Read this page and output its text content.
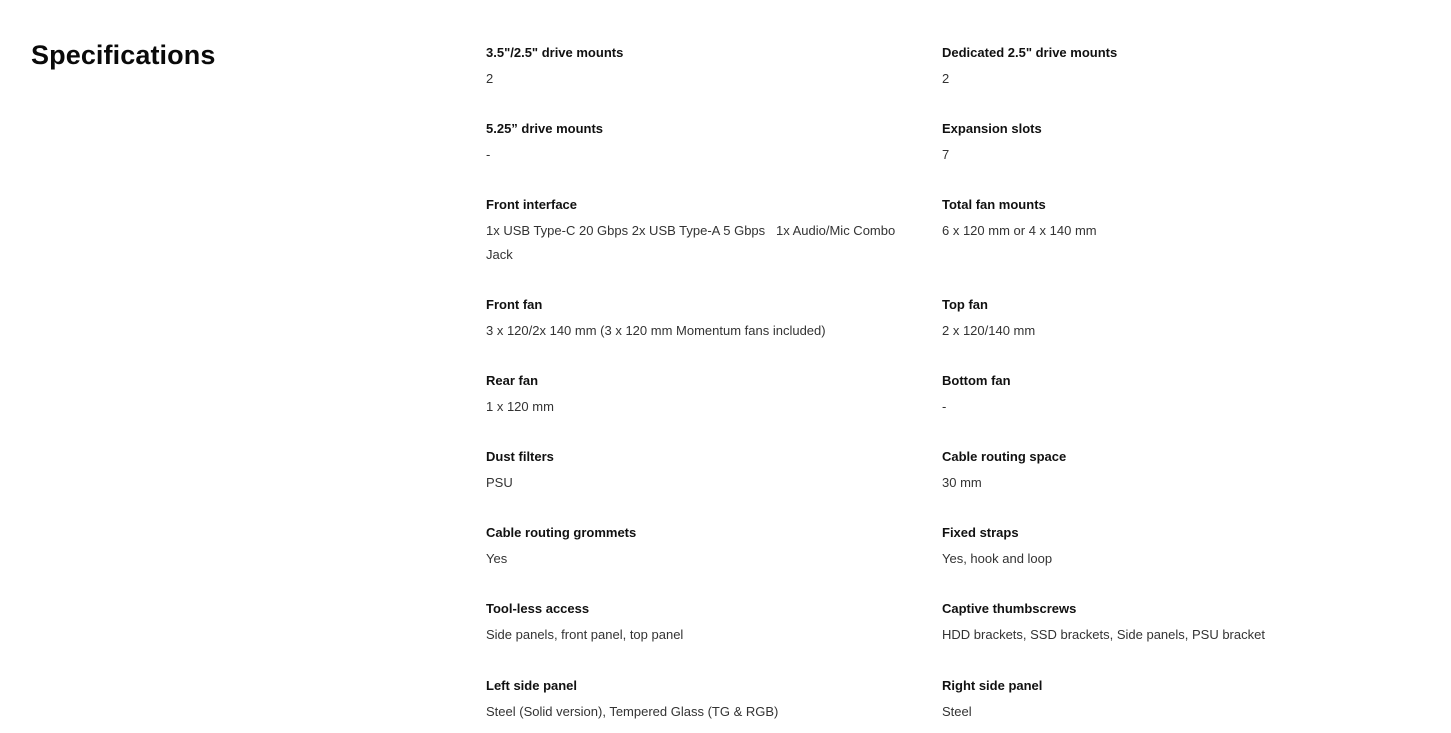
Specifications	3.5"/2.5" drive mounts
2
Dedicated 2.5" drive mounts
2
5.25” drive mounts
-
Expansion slots
7
Front interface
1x USB Type-C 20 Gbps 2x USB Type-A 5 Gbps   1x Audio/Mic Combo Jack
Total fan mounts
6 x 120 mm or 4 x 140 mm
Front fan
3 x 120/2x 140 mm (3 x 120 mm Momentum fans included)
Top fan
2 x 120/140 mm
Rear fan
1 x 120 mm
Bottom fan
-
Dust filters
PSU
Cable routing space
30 mm
Cable routing grommets
Yes
Fixed straps
Yes, hook and loop
Tool-less access
Side panels, front panel, top panel
Captive thumbscrews
HDD brackets, SSD brackets, Side panels, PSU bracket
Left side panel
Steel (Solid version), Tempered Glass (TG & RGB)
Right side panel
Steel
